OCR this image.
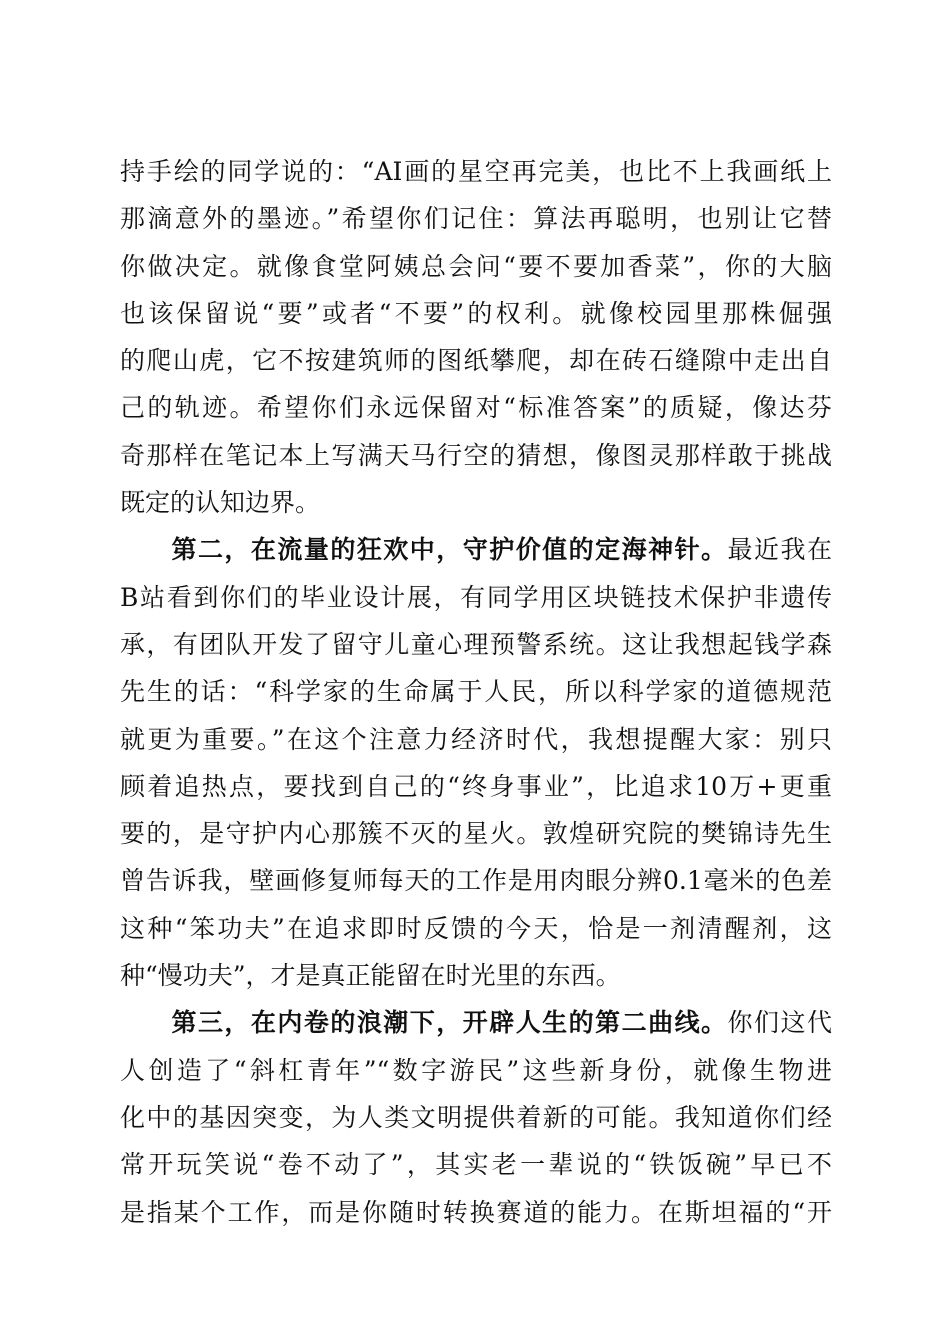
持手绘的同学说的：“AI画的星空再完美，也比不上我画纸上
那滴意外的墨迹。”希望你们记住：算法再聪明，也别让它替
你做决定。就像食堂阿姨总会问“要不要加香菜”，你的大脑
也该保留说“要”或者“不要”的权利。就像校园里那株倔强
的爬山虎，它不按建筑师的图纸攀爬，却在砖石缝隙中走出自
己的轨迹。希望你们永远保留对“标准答案”的质疑，像达芬
奇那样在笔记本上写满天马行空的猜想，像图灵那样敢于挑战
既定的认知边界。
第二，在流量的狂欢中，守护价值的定海神针。最近我在
B站看到你们的毕业设计展，有同学用区块链技术保护非遗传
承，有团队开发了留守儿童心理预警系统。这让我想起钱学森
先生的话：“科学家的生命属于人民，所以科学家的道德规范
就更为重要。”在这个注意力经济时代，我想提醒大家：别只
顾着追热点，要找到自己的“终身事业”，比追求10万+更重
要的，是守护内心那簇不灭的星火。敦煌研究院的樊锦诗先生
曾告诉我，壁画修复师每天的工作是用肉眼分辨0.1毫米的色差
这种“笨功夫”在追求即时反馈的今天，恰是一剂清醒剂，这
种“慢功夫”，才是真正能留在时光里的东西。
第三，在内卷的浪潮下，开辟人生的第二曲线。你们这代
人创造了“斜杠青年”“数字游民”这些新身份，就像生物进
化中的基因突变，为人类文明提供着新的可能。我知道你们经
常开玩笑说“卷不动了”，其实老一辈说的“铁饭碗”早已不
是指某个工作，而是你随时转换赛道的能力。在斯坦福的“开
